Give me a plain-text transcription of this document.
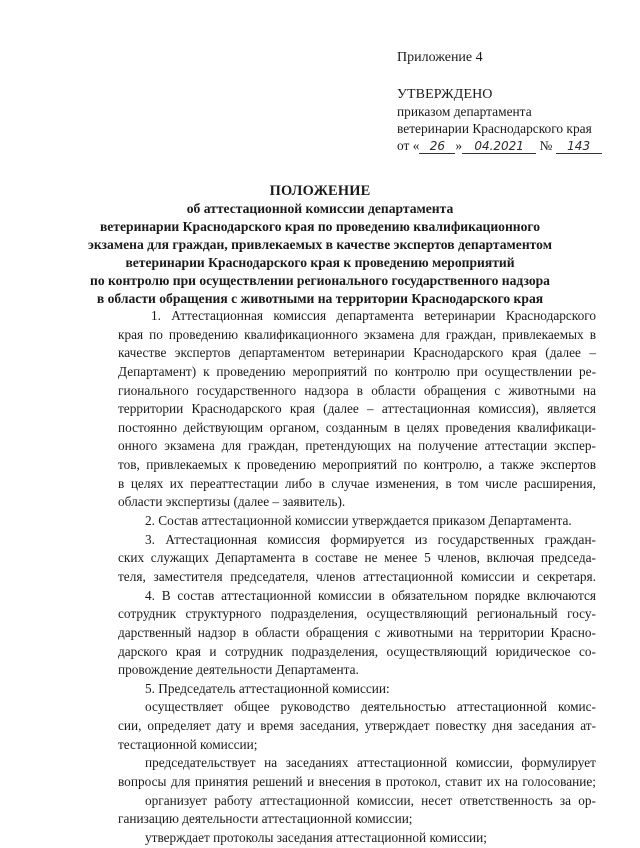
Приложение 4
УТВЕРЖДЕНО
приказом департамента
ветеринарии Краснодарского края
от « 26 » 04.2021 № 143
ПОЛОЖЕНИЕ
об аттестационной комиссии департамента
ветеринарии Краснодарского края по проведению квалификационного
экзамена для граждан, привлекаемых в качестве экспертов департаментом
ветеринарии Краснодарского края к проведению мероприятий
по контролю при осуществлении регионального государственного надзора
в области обращения с животными на территории Краснодарского края
1. Аттестационная комиссия департамента ветеринарии Краснодарского
края по проведению квалификационного экзамена для граждан, привлекаемых в
качестве экспертов департаментом ветеринарии Краснодарского края (далее –
Департамент) к проведению мероприятий по контролю при осуществлении ре-
гионального государственного надзора в области обращения с животными на
территории Краснодарского края (далее – аттестационная комиссия), является
постоянно действующим органом, созданным в целях проведения квалификаци-
онного экзамена для граждан, претендующих на получение аттестации экспер-
тов, привлекаемых к проведению мероприятий по контролю, а также экспертов
в целях их переаттестации либо в случае изменения, в том числе расширения,
области экспертизы (далее – заявитель).
2. Состав аттестационной комиссии утверждается приказом Департамента.
3. Аттестационная комиссия формируется из государственных граждан-
ских служащих Департамента в составе не менее 5 членов, включая председа-
теля, заместителя председателя, членов аттестационной комиссии и секретаря.
4. В состав аттестационной комиссии в обязательном порядке включаются
сотрудник структурного подразделения, осуществляющий региональный госу-
дарственный надзор в области обращения с животными на территории Красно-
дарского края и сотрудник подразделения, осуществляющий юридическое со-
провождение деятельности Департамента.
5. Председатель аттестационной комиссии:
осуществляет общее руководство деятельностью аттестационной комис-
сии, определяет дату и время заседания, утверждает повестку дня заседания ат-
тестационной комиссии;
председательствует на заседаниях аттестационной комиссии, формулирует
вопросы для принятия решений и внесения в протокол, ставит их на голосование;
организует работу аттестационной комиссии, несет ответственность за ор-
ганизацию деятельности аттестационной комиссии;
утверждает протоколы заседания аттестационной комиссии;
